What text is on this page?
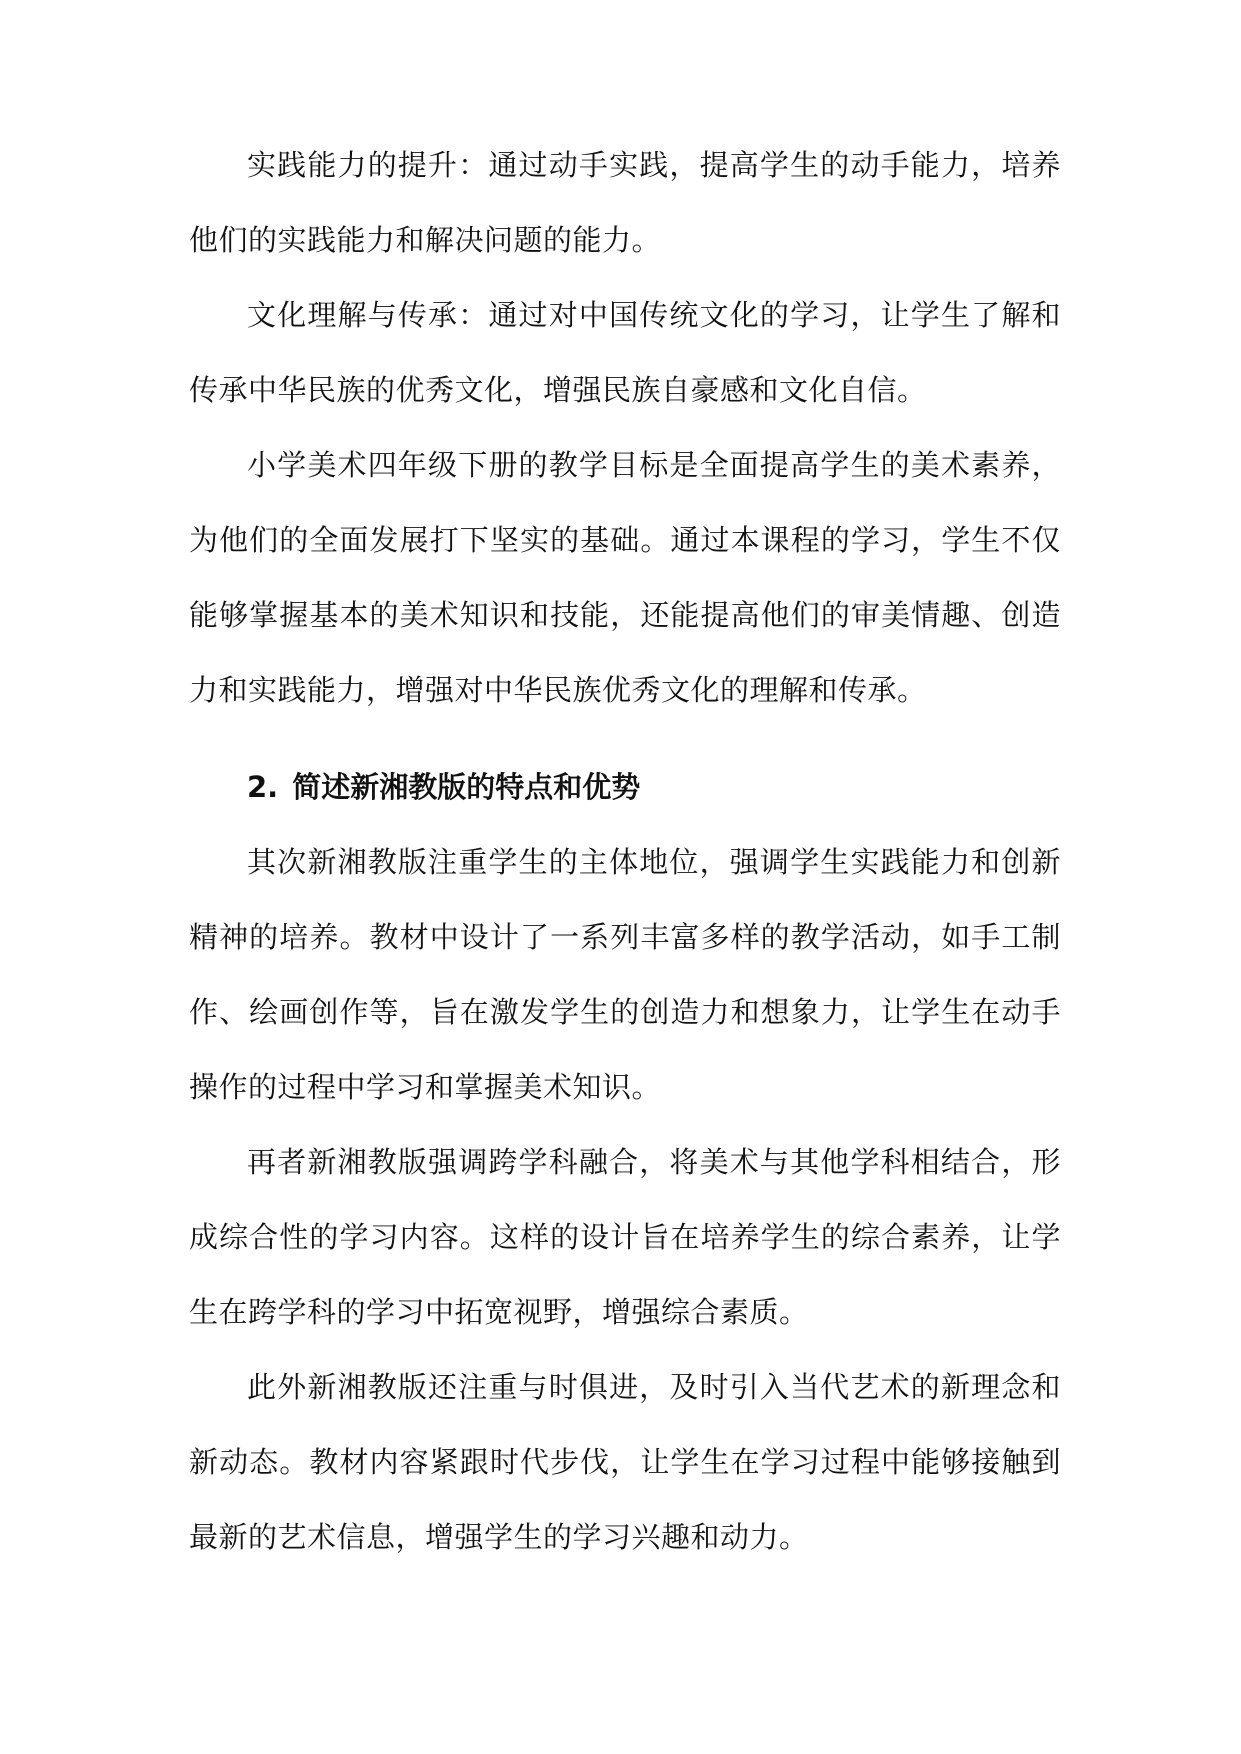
实践能力的提升：通过动手实践，提高学生的动手能力，培养他们的实践能力和解决问题的能力。

文化理解与传承：通过对中国传统文化的学习，让学生了解和传承中华民族的优秀文化，增强民族自豪感和文化自信。

小学美术四年级下册的教学目标是全面提高学生的美术素养，为他们的全面发展打下坚实的基础。通过本课程的学习，学生不仅能够掌握基本的美术知识和技能，还能提高他们的审美情趣、创造力和实践能力，增强对中华民族优秀文化的理解和传承。

2. 简述新湘教版的特点和优势

其次新湘教版注重学生的主体地位，强调学生实践能力和创新精神的培养。教材中设计了一系列丰富多样的教学活动，如手工制作、绘画创作等，旨在激发学生的创造力和想象力，让学生在动手操作的过程中学习和掌握美术知识。

再者新湘教版强调跨学科融合，将美术与其他学科相结合，形成综合性的学习内容。这样的设计旨在培养学生的综合素养，让学生在跨学科的学习中拓宽视野，增强综合素质。

此外新湘教版还注重与时俱进，及时引入当代艺术的新理念和新动态。教材内容紧跟时代步伐，让学生在学习过程中能够接触到最新的艺术信息，增强学生的学习兴趣和动力。
